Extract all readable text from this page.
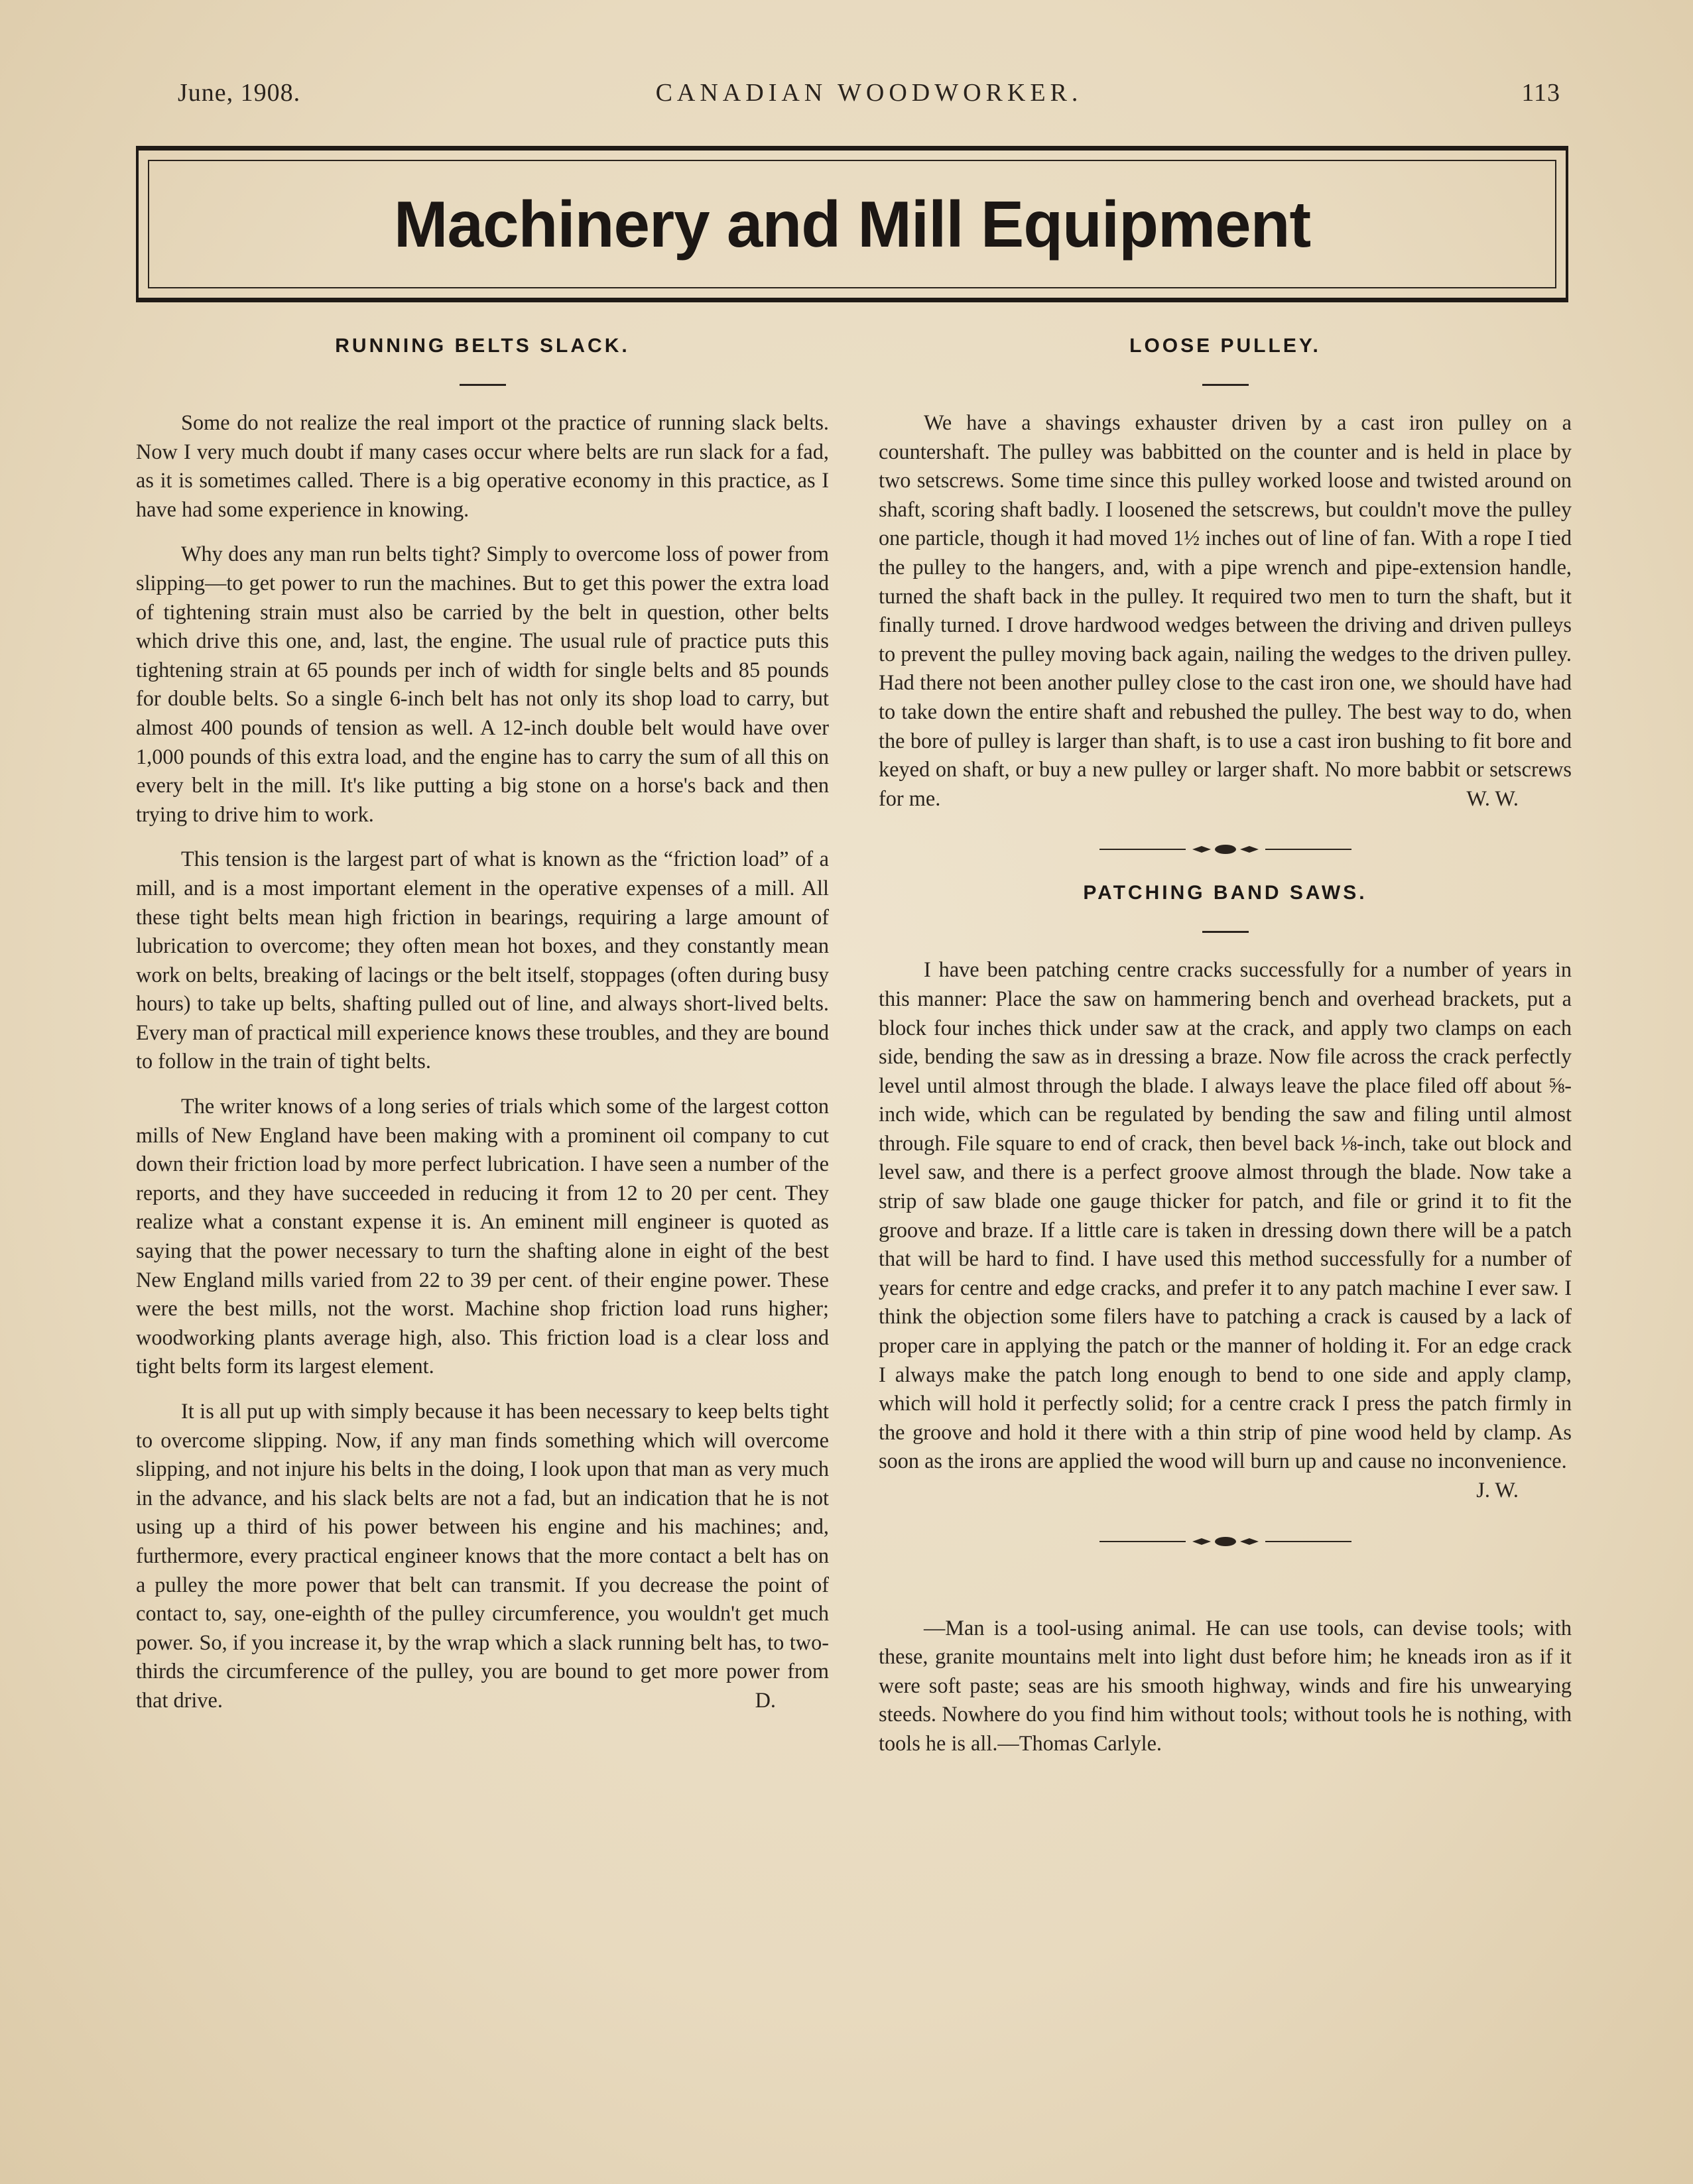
June, 1908.	CANADIAN WOODWORKER.	113
Machinery and Mill Equipment
RUNNING BELTS SLACK.

Some do not realize the real import ot the practice of running slack belts. Now I very much doubt if many cases occur where belts are run slack for a fad, as it is sometimes called. There is a big operative economy in this practice, as I have had some experience in knowing.

Why does any man run belts tight? Simply to overcome loss of power from slipping—to get power to run the machines. But to get this power the extra load of tightening strain must also be carried by the belt in question, other belts which drive this one, and, last, the engine. The usual rule of practice puts this tightening strain at 65 pounds per inch of width for single belts and 85 pounds for double belts. So a single 6-inch belt has not only its shop load to carry, but almost 400 pounds of tension as well. A 12-inch double belt would have over 1,000 pounds of this extra load, and the engine has to carry the sum of all this on every belt in the mill. It's like putting a big stone on a horse's back and then trying to drive him to work.

This tension is the largest part of what is known as the “friction load” of a mill, and is a most important element in the operative expenses of a mill. All these tight belts mean high friction in bearings, requiring a large amount of lubrication to overcome; they often mean hot boxes, and they constantly mean work on belts, breaking of lacings or the belt itself, stoppages (often during busy hours) to take up belts, shafting pulled out of line, and always short-lived belts. Every man of practical mill experience knows these troubles, and they are bound to follow in the train of tight belts.

The writer knows of a long series of trials which some of the largest cotton mills of New England have been making with a prominent oil company to cut down their friction load by more perfect lubrication. I have seen a number of the reports, and they have succeeded in reducing it from 12 to 20 per cent. They realize what a constant expense it is. An eminent mill engineer is quoted as saying that the power necessary to turn the shafting alone in eight of the best New England mills varied from 22 to 39 per cent. of their engine power. These were the best mills, not the worst. Machine shop friction load runs higher; woodworking plants average high, also. This friction load is a clear loss and tight belts form its largest element.

It is all put up with simply because it has been necessary to keep belts tight to overcome slipping. Now, if any man finds something which will overcome slipping, and not injure his belts in the doing, I look upon that man as very much in the advance, and his slack belts are not a fad, but an indication that he is not using up a third of his power between his engine and his machines; and, furthermore, every practical engineer knows that the more contact a belt has on a pulley the more power that belt can transmit. If you decrease the point of contact to, say, one-eighth of the pulley circumference, you wouldn't get much power. So, if you increase it, by the wrap which a slack running belt has, to two-thirds the circumference of the pulley, you are bound to get more power from that drive.	D.

LOOSE PULLEY.

We have a shavings exhauster driven by a cast iron pulley on a countershaft. The pulley was babbitted on the counter and is held in place by two setscrews. Some time since this pulley worked loose and twisted around on shaft, scoring shaft badly. I loosened the setscrews, but couldn't move the pulley one particle, though it had moved 1½ inches out of line of fan. With a rope I tied the pulley to the hangers, and, with a pipe wrench and pipe-extension handle, turned the shaft back in the pulley. It required two men to turn the shaft, but it finally turned. I drove hardwood wedges between the driving and driven pulleys to prevent the pulley moving back again, nailing the wedges to the driven pulley. Had there not been another pulley close to the cast iron one, we should have had to take down the entire shaft and rebushed the pulley. The best way to do, when the bore of pulley is larger than shaft, is to use a cast iron bushing to fit bore and keyed on shaft, or buy a new pulley or larger shaft. No more babbit or setscrews for me.	W. W.

PATCHING BAND SAWS.

I have been patching centre cracks successfully for a number of years in this manner: Place the saw on hammering bench and overhead brackets, put a block four inches thick under saw at the crack, and apply two clamps on each side, bending the saw as in dressing a braze. Now file across the crack perfectly level until almost through the blade. I always leave the place filed off about ⅝-inch wide, which can be regulated by bending the saw and filing until almost through. File square to end of crack, then bevel back ⅛-inch, take out block and level saw, and there is a perfect groove almost through the blade. Now take a strip of saw blade one gauge thicker for patch, and file or grind it to fit the groove and braze. If a little care is taken in dressing down there will be a patch that will be hard to find. I have used this method successfully for a number of years for centre and edge cracks, and prefer it to any patch machine I ever saw. I think the objection some filers have to patching a crack is caused by a lack of proper care in applying the patch or the manner of holding it. For an edge crack I always make the patch long enough to bend to one side and apply clamp, which will hold it perfectly solid; for a centre crack I press the patch firmly in the groove and hold it there with a thin strip of pine wood held by clamp. As soon as the irons are applied the wood will burn up and cause no inconvenience.
J. W.

—Man is a tool-using animal. He can use tools, can devise tools; with these, granite mountains melt into light dust before him; he kneads iron as if it were soft paste; seas are his smooth highway, winds and fire his unwearying steeds. Nowhere do you find him without tools; without tools he is nothing, with tools he is all.—Thomas Carlyle.
